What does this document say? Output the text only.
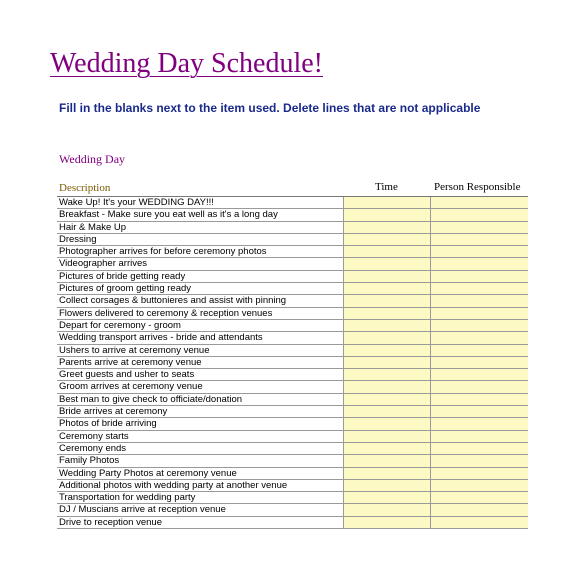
Wedding Day Schedule!
Fill in the blanks next to the item used. Delete lines that are not applicable
Wedding Day
Description	Time	Person Responsible
Wake Up! It's your WEDDING DAY!!!
Breakfast - Make sure you eat well as it's a long day
Hair & Make Up
Dressing
Photographer arrives for before ceremony photos
Videographer arrives
Pictures of bride getting ready
Pictures of groom getting ready
Collect corsages & buttonieres and assist with pinning
Flowers delivered to ceremony & reception venues
Depart for ceremony - groom
Wedding transport arrives - bride and attendants
Ushers to arrive at ceremony venue
Parents arrive at ceremony venue
Greet guests and usher to seats
Groom arrives at ceremony venue
Best man to give check to officiate/donation
Bride arrives at ceremony
Photos of bride arriving
Ceremony starts
Ceremony ends
Family Photos
Wedding Party Photos at ceremony venue
Additional photos with wedding party at another venue
Transportation for wedding party
DJ / Muscians arrive at reception venue
Drive to reception venue
